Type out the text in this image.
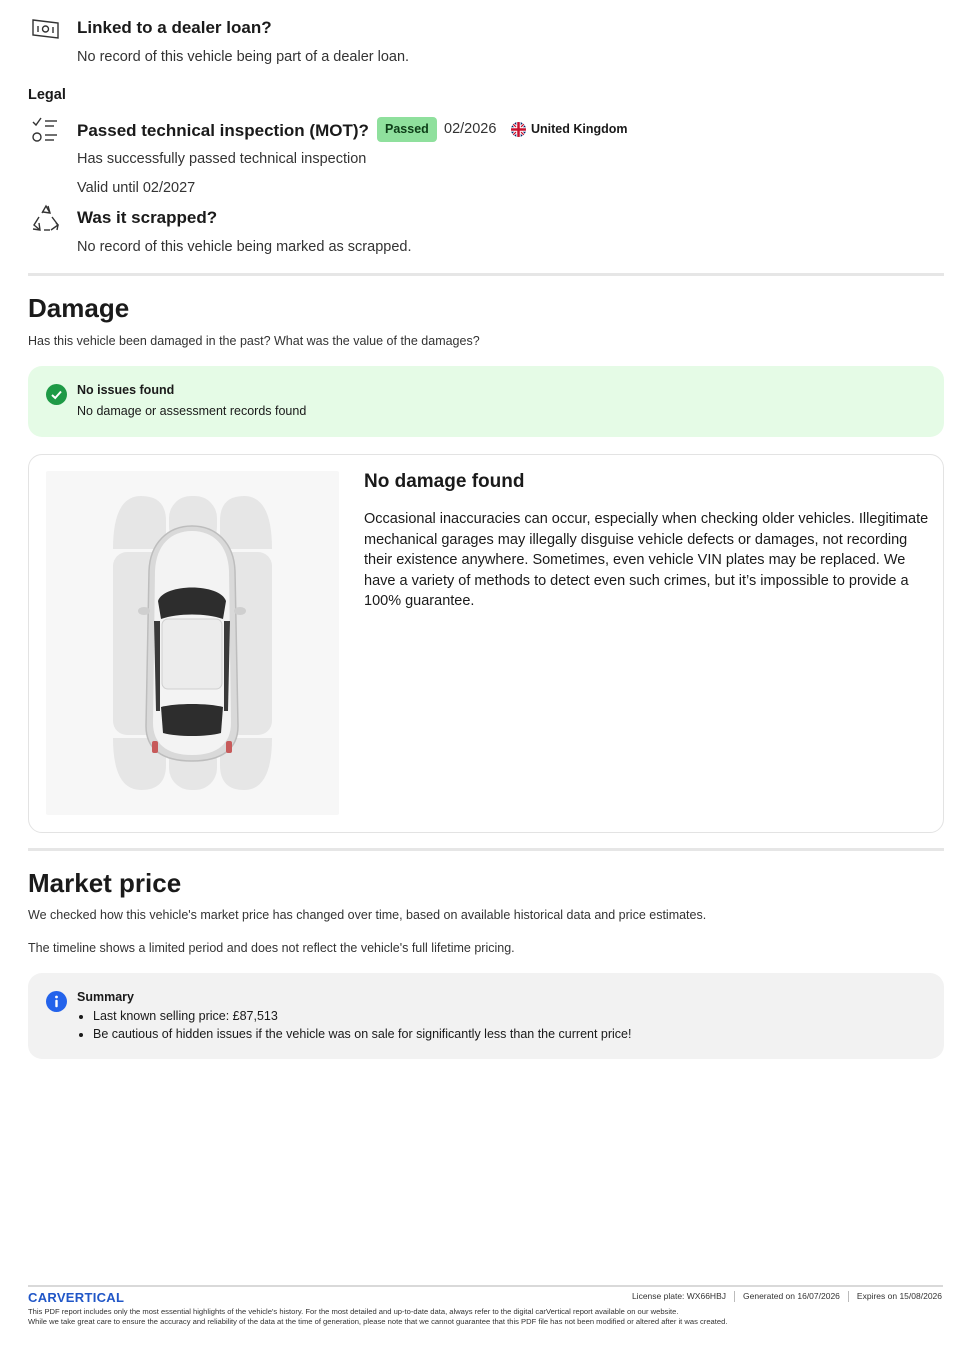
Linked to a dealer loan?
No record of this vehicle being part of a dealer loan.
Legal
Passed technical inspection (MOT)?	Passed	02/2026	United Kingdom
Has successfully passed technical inspection
Valid until 02/2027
Was it scrapped?
No record of this vehicle being marked as scrapped.
Damage
Has this vehicle been damaged in the past? What was the value of the damages?
No issues found
No damage or assessment records found
No damage found
Occasional inaccuracies can occur, especially when checking older vehicles. Illegitimate mechanical garages may illegally disguise vehicle defects or damages, not recording their existence anywhere. Sometimes, even vehicle VIN plates may be replaced. We have a variety of methods to detect even such crimes, but it’s impossible to provide a 100% guarantee.
Market price
We checked how this vehicle's market price has changed over time, based on available historical data and price estimates.
The timeline shows a limited period and does not reflect the vehicle's full lifetime pricing.
Summary
• Last known selling price: £87,513
• Be cautious of hidden issues if the vehicle was on sale for significantly less than the current price!
CARVERTICAL	License plate:
WX66HBJ Generated on
16/07/2026 Expires on
15/08/2026
This PDF report includes only the most essential highlights of the vehicle's history. For the most detailed and up-to-date data, always refer to the digital carVertical report available on our website.
While we take great care to ensure the accuracy and reliability of the data at the time of generation, please note that we cannot guarantee that this PDF file has not been modified or altered after it was created.
